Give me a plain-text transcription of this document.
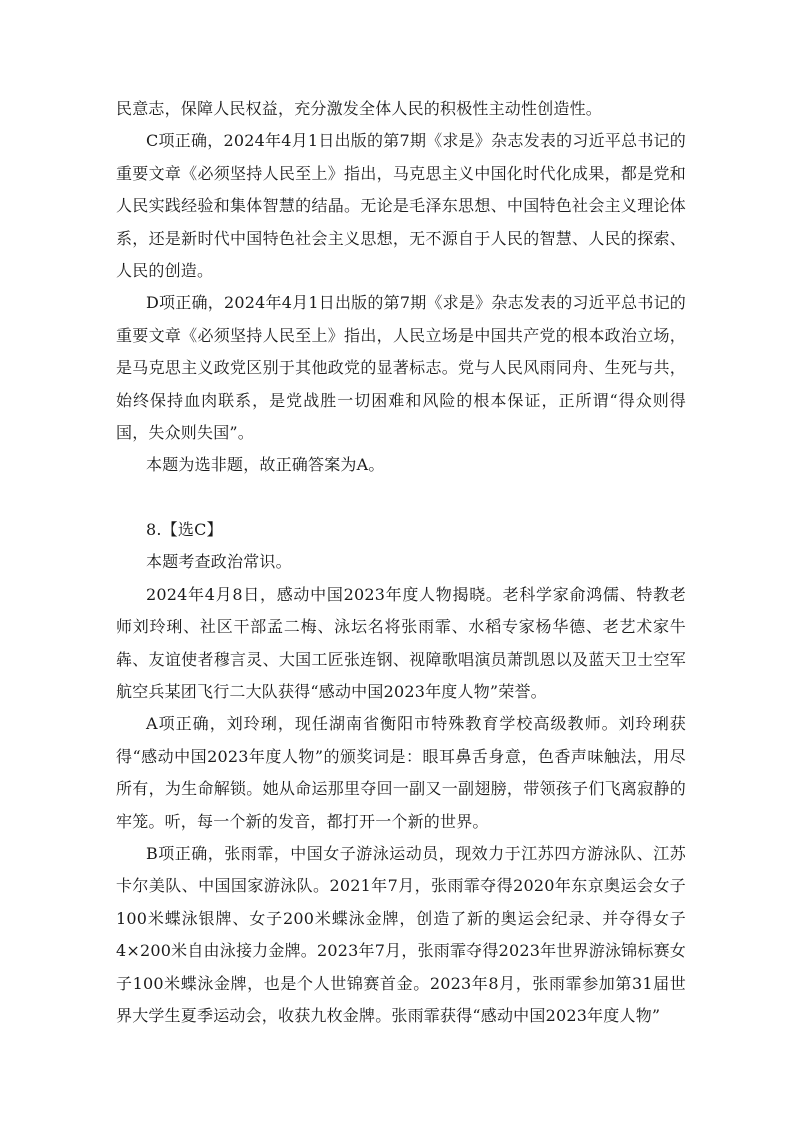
民意志，保障人民权益，充分激发全体人民的积极性主动性创造性。

C项正确，2024年4月1日出版的第7期《求是》杂志发表的习近平总书记的重要文章《必须坚持人民至上》指出，马克思主义中国化时代化成果，都是党和人民实践经验和集体智慧的结晶。无论是毛泽东思想、中国特色社会主义理论体系，还是新时代中国特色社会主义思想，无不源自于人民的智慧、人民的探索、人民的创造。

D项正确，2024年4月1日出版的第7期《求是》杂志发表的习近平总书记的重要文章《必须坚持人民至上》指出，人民立场是中国共产党的根本政治立场，是马克思主义政党区别于其他政党的显著标志。党与人民风雨同舟、生死与共，始终保持血肉联系，是党战胜一切困难和风险的根本保证，正所谓“得众则得国，失众则失国”。

本题为选非题，故正确答案为A。

8.【选C】

本题考查政治常识。

2024年4月8日，感动中国2023年度人物揭晓。老科学家俞鸿儒、特教老师刘玲琍、社区干部孟二梅、泳坛名将张雨霏、水稻专家杨华德、老艺术家牛犇、友谊使者穆言灵、大国工匠张连钢、视障歌唱演员萧凯恩以及蓝天卫士空军航空兵某团飞行二大队获得“感动中国2023年度人物”荣誉。

A项正确，刘玲琍，现任湖南省衡阳市特殊教育学校高级教师。刘玲琍获得“感动中国2023年度人物”的颁奖词是：眼耳鼻舌身意，色香声味触法，用尽所有，为生命解锁。她从命运那里夺回一副又一副翅膀，带领孩子们飞离寂静的牢笼。听，每一个新的发音，都打开一个新的世界。

B项正确，张雨霏，中国女子游泳运动员，现效力于江苏四方游泳队、江苏卡尔美队、中国国家游泳队。2021年7月，张雨霏夺得2020年东京奥运会女子100米蝶泳银牌、女子200米蝶泳金牌，创造了新的奥运会纪录、并夺得女子4×200米自由泳接力金牌。2023年7月，张雨霏夺得2023年世界游泳锦标赛女子100米蝶泳金牌，也是个人世锦赛首金。2023年8月，张雨霏参加第31届世界大学生夏季运动会，收获九枚金牌。张雨霏获得“感动中国2023年度人物”
